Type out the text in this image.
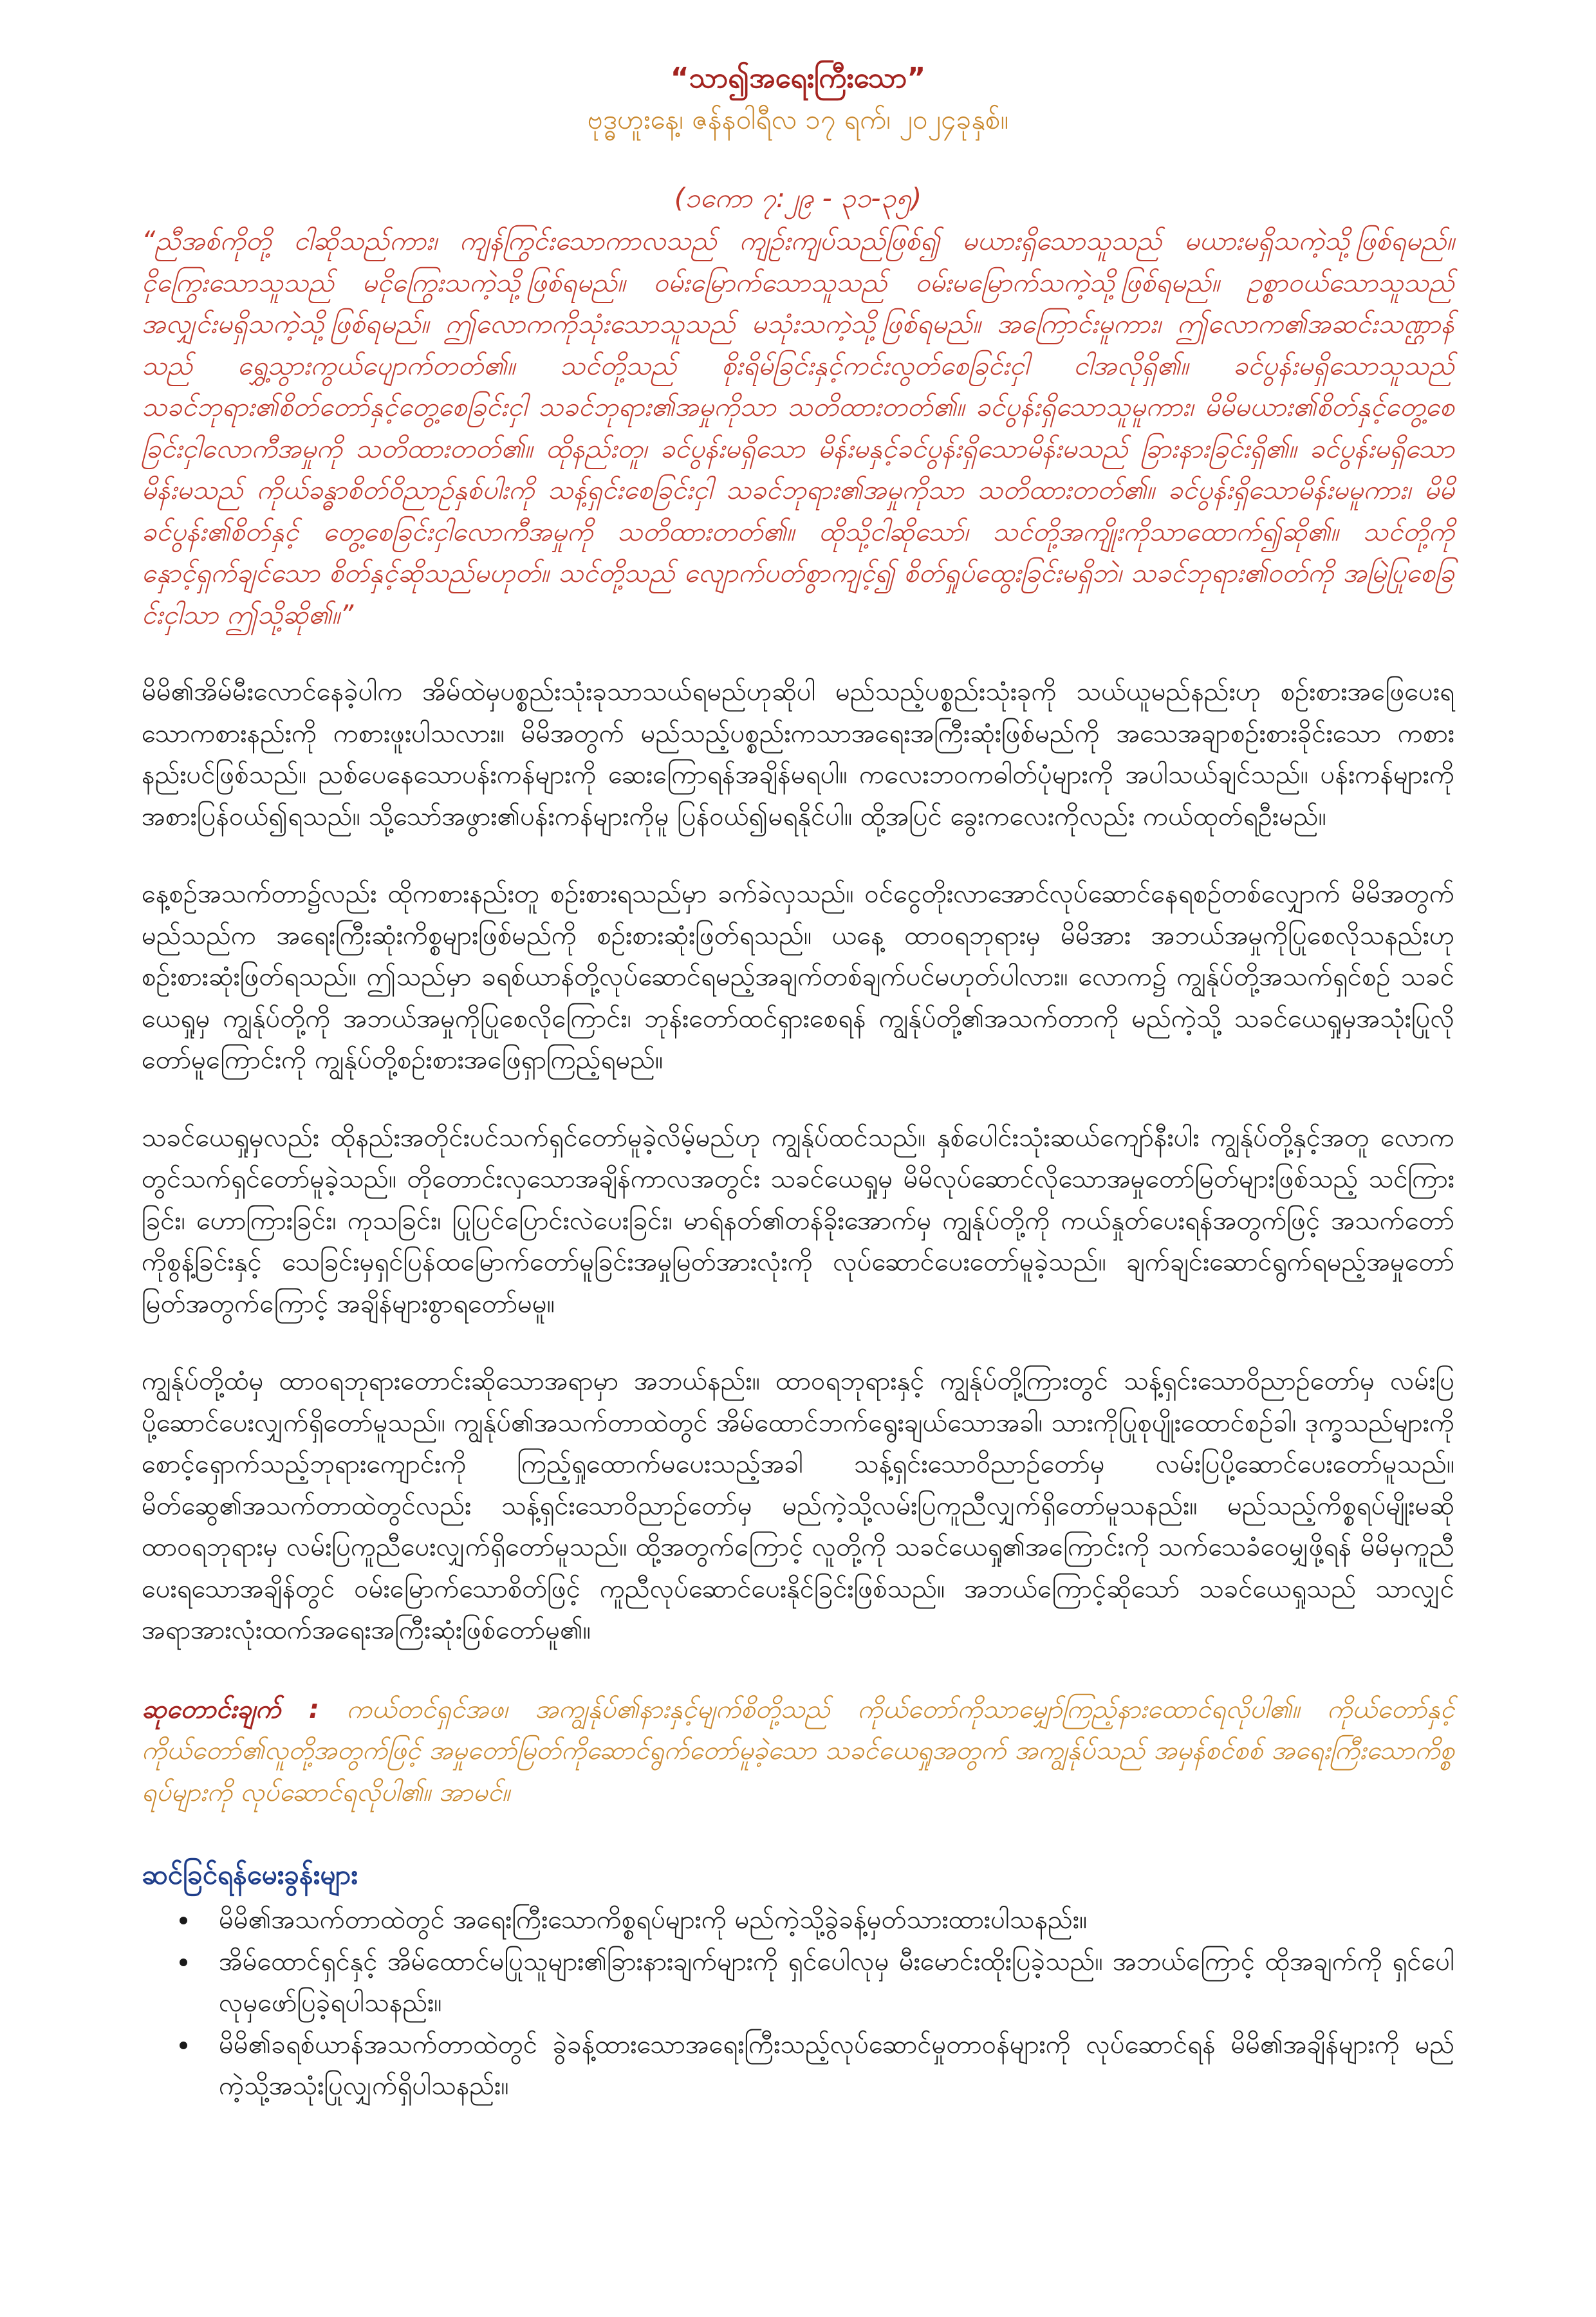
“သာ၍အရေးကြီးသော”
ဗုဒ္ဓဟူးနေ့၊ ဇန်နဝါရီလ ၁၇ ရက်၊ ၂၀၂၄ခုနှစ်။
(၁ကော ၇:၂၉ - ၃၁-၃၅)
“ညီအစ်ကိုတို့ ငါဆိုသည်ကား၊ ကျန်ကြွင်းသောကာလသည် ကျဉ်းကျပ်သည်ဖြစ်၍ မယားရှိသောသူသည် မယားမရှိသကဲ့သို့ဖြစ်ရမည်။ ငိုကြွေးသောသူသည် မငိုကြွေးသကဲ့သို့ဖြစ်ရမည်။ ဝမ်းမြောက်သောသူသည် ဝမ်းမမြောက်သကဲ့သို့ဖြစ်ရမည်။ ဥစ္စာဝယ်သောသူသည် အလျှင်းမရှိသကဲ့သို့ဖြစ်ရမည်။ ဤလောကကိုသုံးသောသူသည် မသုံးသကဲ့သို့ဖြစ်ရမည်။ အကြောင်းမူကား၊ ဤလောက၏အဆင်းသဏ္ဌာန်သည် ရွှေ့သွားကွယ်ပျောက်တတ်၏။ သင်တို့သည် စိုးရိမ်ခြင်းနှင့်ကင်းလွတ်စေခြင်းငှါ ငါအလိုရှိ၏။ ခင်ပွန်းမရှိသောသူသည် သခင်ဘုရား၏စိတ်တော်နှင့်တွေ့စေခြင်းငှါ သခင်ဘုရား၏အမှုကိုသာ သတိထားတတ်၏။ ခင်ပွန်းရှိသောသူမူကား၊ မိမိမယား၏စိတ်နှင့်တွေ့စေခြင်းငှါလောကီအမှုကို သတိထားတတ်၏။ ထိုနည်းတူ၊ ခင်ပွန်းမရှိသော မိန်းမနှင့်ခင်ပွန်းရှိသောမိန်းမသည် ခြားနားခြင်းရှိ၏။ ခင်ပွန်းမရှိသောမိန်းမသည် ကိုယ်ခန္ဓာစိတ်ဝိညာဉ်နှစ်ပါးကို သန့်ရှင်းစေခြင်းငှါ သခင်ဘုရား၏အမှုကိုသာ သတိထားတတ်၏။ ခင်ပွန်းရှိသောမိန်းမမူကား၊ မိမိခင်ပွန်း၏စိတ်နှင့် တွေ့စေခြင်းငှါလောကီအမှုကို သတိထားတတ်၏။ ထိုသို့ငါဆိုသော်၊ သင်တို့အကျိုးကိုသာထောက်၍ဆို၏။ သင်တို့ကို နှောင့်ရှက်ချင်သော စိတ်နှင့်ဆိုသည်မဟုတ်။ သင်တို့သည် လျောက်ပတ်စွာကျင့်၍ စိတ်ရှုပ်ထွေးခြင်းမရှိဘဲ၊ သခင်ဘုရား၏ဝတ်ကို အမြဲပြုစေခြင်းငှါသာ ဤသို့ဆို၏။”
မိမိ၏အိမ်မီးလောင်နေခဲ့ပါက အိမ်ထဲမှပစ္စည်းသုံးခုသာသယ်ရမည်ဟုဆိုပါ မည်သည့်ပစ္စည်းသုံးခုကို သယ်ယူမည်နည်းဟု စဉ်းစားအဖြေပေးရသောကစားနည်းကို ကစားဖူးပါသလား။ မိမိအတွက် မည်သည့်ပစ္စည်းကသာအရေးအကြီးဆုံးဖြစ်မည်ကို အသေအချာစဉ်းစားခိုင်းသော ကစားနည်းပင်ဖြစ်သည်။ ညစ်ပေနေသောပန်းကန်များကို ဆေးကြောရန်အချိန်မရပါ။ ကလေးဘဝကဓါတ်ပုံများကို အပါသယ်ချင်သည်။ ပန်းကန်များကို အစားပြန်ဝယ်၍ရသည်။ သို့သော်အဖွား၏ပန်းကန်များကိုမူ ပြန်ဝယ်၍မရနိုင်ပါ။ ထို့အပြင် ခွေးကလေးကိုလည်း ကယ်ထုတ်ရဦးမည်။
နေ့စဉ်အသက်တာ၌လည်း ထိုကစားနည်းတူ စဉ်းစားရသည်မှာ ခက်ခဲလှသည်။ ဝင်ငွေတိုးလာအောင်လုပ်ဆောင်နေရစဉ်တစ်လျှောက် မိမိအတွက် မည်သည်က အရေးကြီးဆုံးကိစ္စများဖြစ်မည်ကို စဉ်းစားဆုံးဖြတ်ရသည်။ ယနေ့ ထာဝရဘုရားမှ မိမိအား အဘယ်အမှုကိုပြုစေလိုသနည်းဟု စဉ်းစားဆုံးဖြတ်ရသည်။ ဤသည်မှာ ခရစ်ယာန်တို့လုပ်ဆောင်ရမည့်အချက်တစ်ချက်ပင်မဟုတ်ပါလား။ လောက၌ ကျွန်ုပ်တို့အသက်ရှင်စဉ် သခင်ယေရှုမှ ကျွန်ုပ်တို့ကို အဘယ်အမှုကိုပြုစေလိုကြောင်း၊ ဘုန်းတော်ထင်ရှားစေရန် ကျွန်ုပ်တို့၏အသက်တာကို မည်ကဲ့သို့ သခင်ယေရှုမှအသုံးပြုလိုတော်မူကြောင်းကို ကျွန်ုပ်တို့စဉ်းစားအဖြေရှာကြည့်ရမည်။
သခင်ယေရှုမှလည်း ထိုနည်းအတိုင်းပင်သက်ရှင်တော်မူခဲ့လိမ့်မည်ဟု ကျွန်ုပ်ထင်သည်။ နှစ်ပေါင်းသုံးဆယ်ကျော်နီးပါး ကျွန်ုပ်တို့နှင့်အတူ လောကတွင်သက်ရှင်တော်မူခဲ့သည်။ တိုတောင်းလှသောအချိန်ကာလအတွင်း သခင်ယေရှုမှ မိမိလုပ်ဆောင်လိုသောအမှုတော်မြတ်များဖြစ်သည့် သင်ကြားခြင်း၊ ဟောကြားခြင်း၊ ကုသခြင်း၊ ပြုပြင်ပြောင်းလဲပေးခြင်း၊ မာရ်နတ်၏တန်ခိုးအောက်မှ ကျွန်ုပ်တို့ကို ကယ်နှုတ်ပေးရန်အတွက်ဖြင့် အသက်တော်ကိုစွန့်ခြင်းနှင့် သေခြင်းမှရှင်ပြန်ထမြောက်တော်မူခြင်းအမှုမြတ်အားလုံးကို လုပ်ဆောင်ပေးတော်မူခဲ့သည်။ ချက်ချင်းဆောင်ရွက်ရမည့်အမှုတော်မြတ်အတွက်ကြောင့် အချိန်များစွာရတော်မမူ။
ကျွန်ုပ်တို့ထံမှ ထာဝရဘုရားတောင်းဆိုသောအရာမှာ အဘယ်နည်း။ ထာဝရဘုရားနှင့် ကျွန်ုပ်တို့ကြားတွင် သန့်ရှင်းသောဝိညာဉ်တော်မှ လမ်းပြပို့ဆောင်ပေးလျှက်ရှိတော်မူသည်။ ကျွန်ုပ်၏အသက်တာထဲတွင် အိမ်ထောင်ဘက်ရွေးချယ်သောအခါ၊ သားကိုပြုစုပျိုးထောင်စဉ်ခါ၊ ဒုက္ခသည်များကို စောင့်ရှောက်သည့်ဘုရားကျောင်းကို ကြည့်ရှုထောက်မပေးသည့်အခါ သန့်ရှင်းသောဝိညာဉ်တော်မှ လမ်းပြပို့ဆောင်ပေးတော်မူသည်။ မိတ်ဆွေ၏အသက်တာထဲတွင်လည်း သန့်ရှင်းသောဝိညာဉ်တော်မှ မည်ကဲ့သို့လမ်းပြကူညီလျှက်ရှိတော်မူသနည်း။ မည်သည့်ကိစ္စရပ်မျိုးမဆို ထာဝရဘုရားမှ လမ်းပြကူညီပေးလျှက်ရှိတော်မူသည်။ ထို့အတွက်ကြောင့် လူတို့ကို သခင်ယေရှု၏အကြောင်းကို သက်သေခံဝေမျှဖို့ရန် မိမိမှကူညီပေးရသောအချိန်တွင် ဝမ်းမြောက်သောစိတ်ဖြင့် ကူညီလုပ်ဆောင်ပေးနိုင်ခြင်းဖြစ်သည်။ အဘယ်ကြောင့်ဆိုသော် သခင်ယေရှုသည် သာလျှင် အရာအားလုံးထက်အရေးအကြီးဆုံးဖြစ်တော်မူ၏။
ဆုတောင်းချက် : ကယ်တင်ရှင်အဖ၊ အကျွန်ုပ်၏နားနှင့်မျက်စိတို့သည် ကိုယ်တော်ကိုသာမျှော်ကြည့်နားထောင်ရလိုပါ၏။ ကိုယ်တော်နှင့် ကိုယ်တော်၏လူတို့အတွက်ဖြင့် အမှုတော်မြတ်ကိုဆောင်ရွက်တော်မူခဲ့သော သခင်ယေရှုအတွက် အကျွန်ုပ်သည် အမှန်စင်စစ် အရေးကြီးသောကိစ္စရပ်များကို လုပ်ဆောင်ရလိုပါ၏။ အာမင်။
ဆင်ခြင်ရန်မေးခွန်းများ
• မိမိ၏အသက်တာထဲတွင် အရေးကြီးသောကိစ္စရပ်များကို မည်ကဲ့သို့ခွဲခန့်မှတ်သားထားပါသနည်း။
• အိမ်ထောင်ရှင်နှင့် အိမ်ထောင်မပြုသူများ၏ခြားနားချက်များကို ရှင်ပေါလုမှ မီးမောင်းထိုးပြခဲ့သည်။ အဘယ်ကြောင့် ထိုအချက်ကို ရှင်ပေါလုမှဖော်ပြခဲ့ရပါသနည်း။
• မိမိ၏ခရစ်ယာန်အသက်တာထဲတွင် ခွဲခန့်ထားသောအရေးကြီးသည့်လုပ်ဆောင်မှုတာဝန်များကို လုပ်ဆောင်ရန် မိမိ၏အချိန်များကို မည်ကဲ့သို့အသုံးပြုလျှက်ရှိပါသနည်း။
